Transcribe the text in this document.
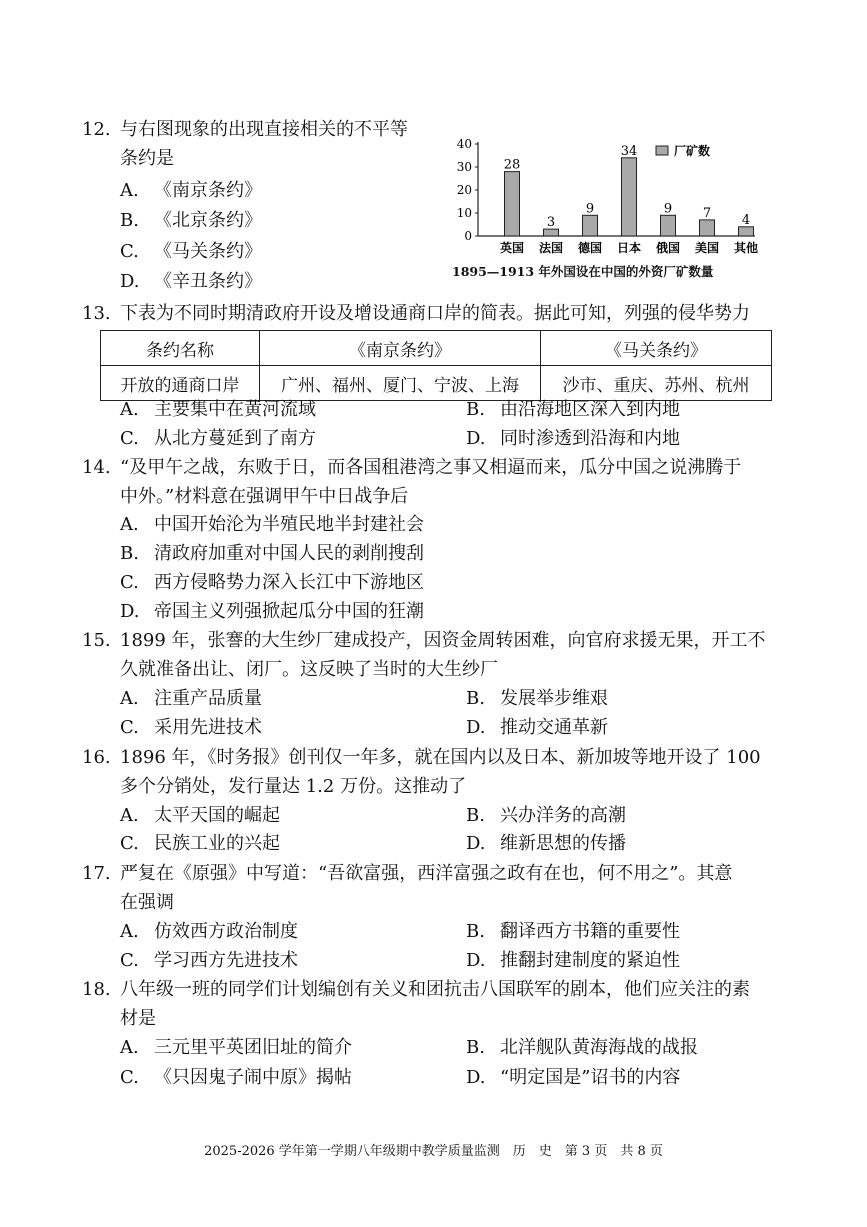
12. 与右图现象的出现直接相关的不平等
条约是
A. 《南京条约》
B. 《北京条约》
C. 《马关条约》
D. 《辛丑条约》
0
10
20
30
40
28
英国
3
法国
9
德国
34
日本
9
俄国
7
美国
4
其他
厂矿数
1895—1913 年外国设在中国的外资厂矿数量
13. 下表为不同时期清政府开设及增设通商口岸的简表。据此可知，列强的侵华势力
条约名称	《南京条约》	《马关条约》
开放的通商口岸	广州、福州、厦门、宁波、上海	沙市、重庆、苏州、杭州
A. 主要集中在黄河流域	B. 由沿海地区深入到内地
C. 从北方蔓延到了南方	D. 同时渗透到沿海和内地
14. “及甲午之战，东败于日，而各国租港湾之事又相逼而来，瓜分中国之说沸腾于
中外。”材料意在强调甲午中日战争后
A. 中国开始沦为半殖民地半封建社会
B. 清政府加重对中国人民的剥削搜刮
C. 西方侵略势力深入长江中下游地区
D. 帝国主义列强掀起瓜分中国的狂潮
15. 1899 年，张謇的大生纱厂建成投产，因资金周转困难，向官府求援无果，开工不
久就准备出让、闭厂。这反映了当时的大生纱厂
A. 注重产品质量	B. 发展举步维艰
C. 采用先进技术	D. 推动交通革新
16. 1896 年，《时务报》创刊仅一年多，就在国内以及日本、新加坡等地开设了 100
多个分销处，发行量达 1.2 万份。这推动了
A. 太平天国的崛起	B. 兴办洋务的高潮
C. 民族工业的兴起	D. 维新思想的传播
17. 严复在《原强》中写道：“吾欲富强，西洋富强之政有在也，何不用之”。其意
在强调
A. 仿效西方政治制度	B. 翻译西方书籍的重要性
C. 学习西方先进技术	D. 推翻封建制度的紧迫性
18. 八年级一班的同学们计划编创有关义和团抗击八国联军的剧本，他们应关注的素
材是
A. 三元里平英团旧址的简介	B. 北洋舰队黄海海战的战报
C. 《只因鬼子闹中原》揭帖	D. “明定国是”诏书的内容
2025-2026 学年第一学期八年级期中教学质量监测　历　史　第 3 页　共 8 页
